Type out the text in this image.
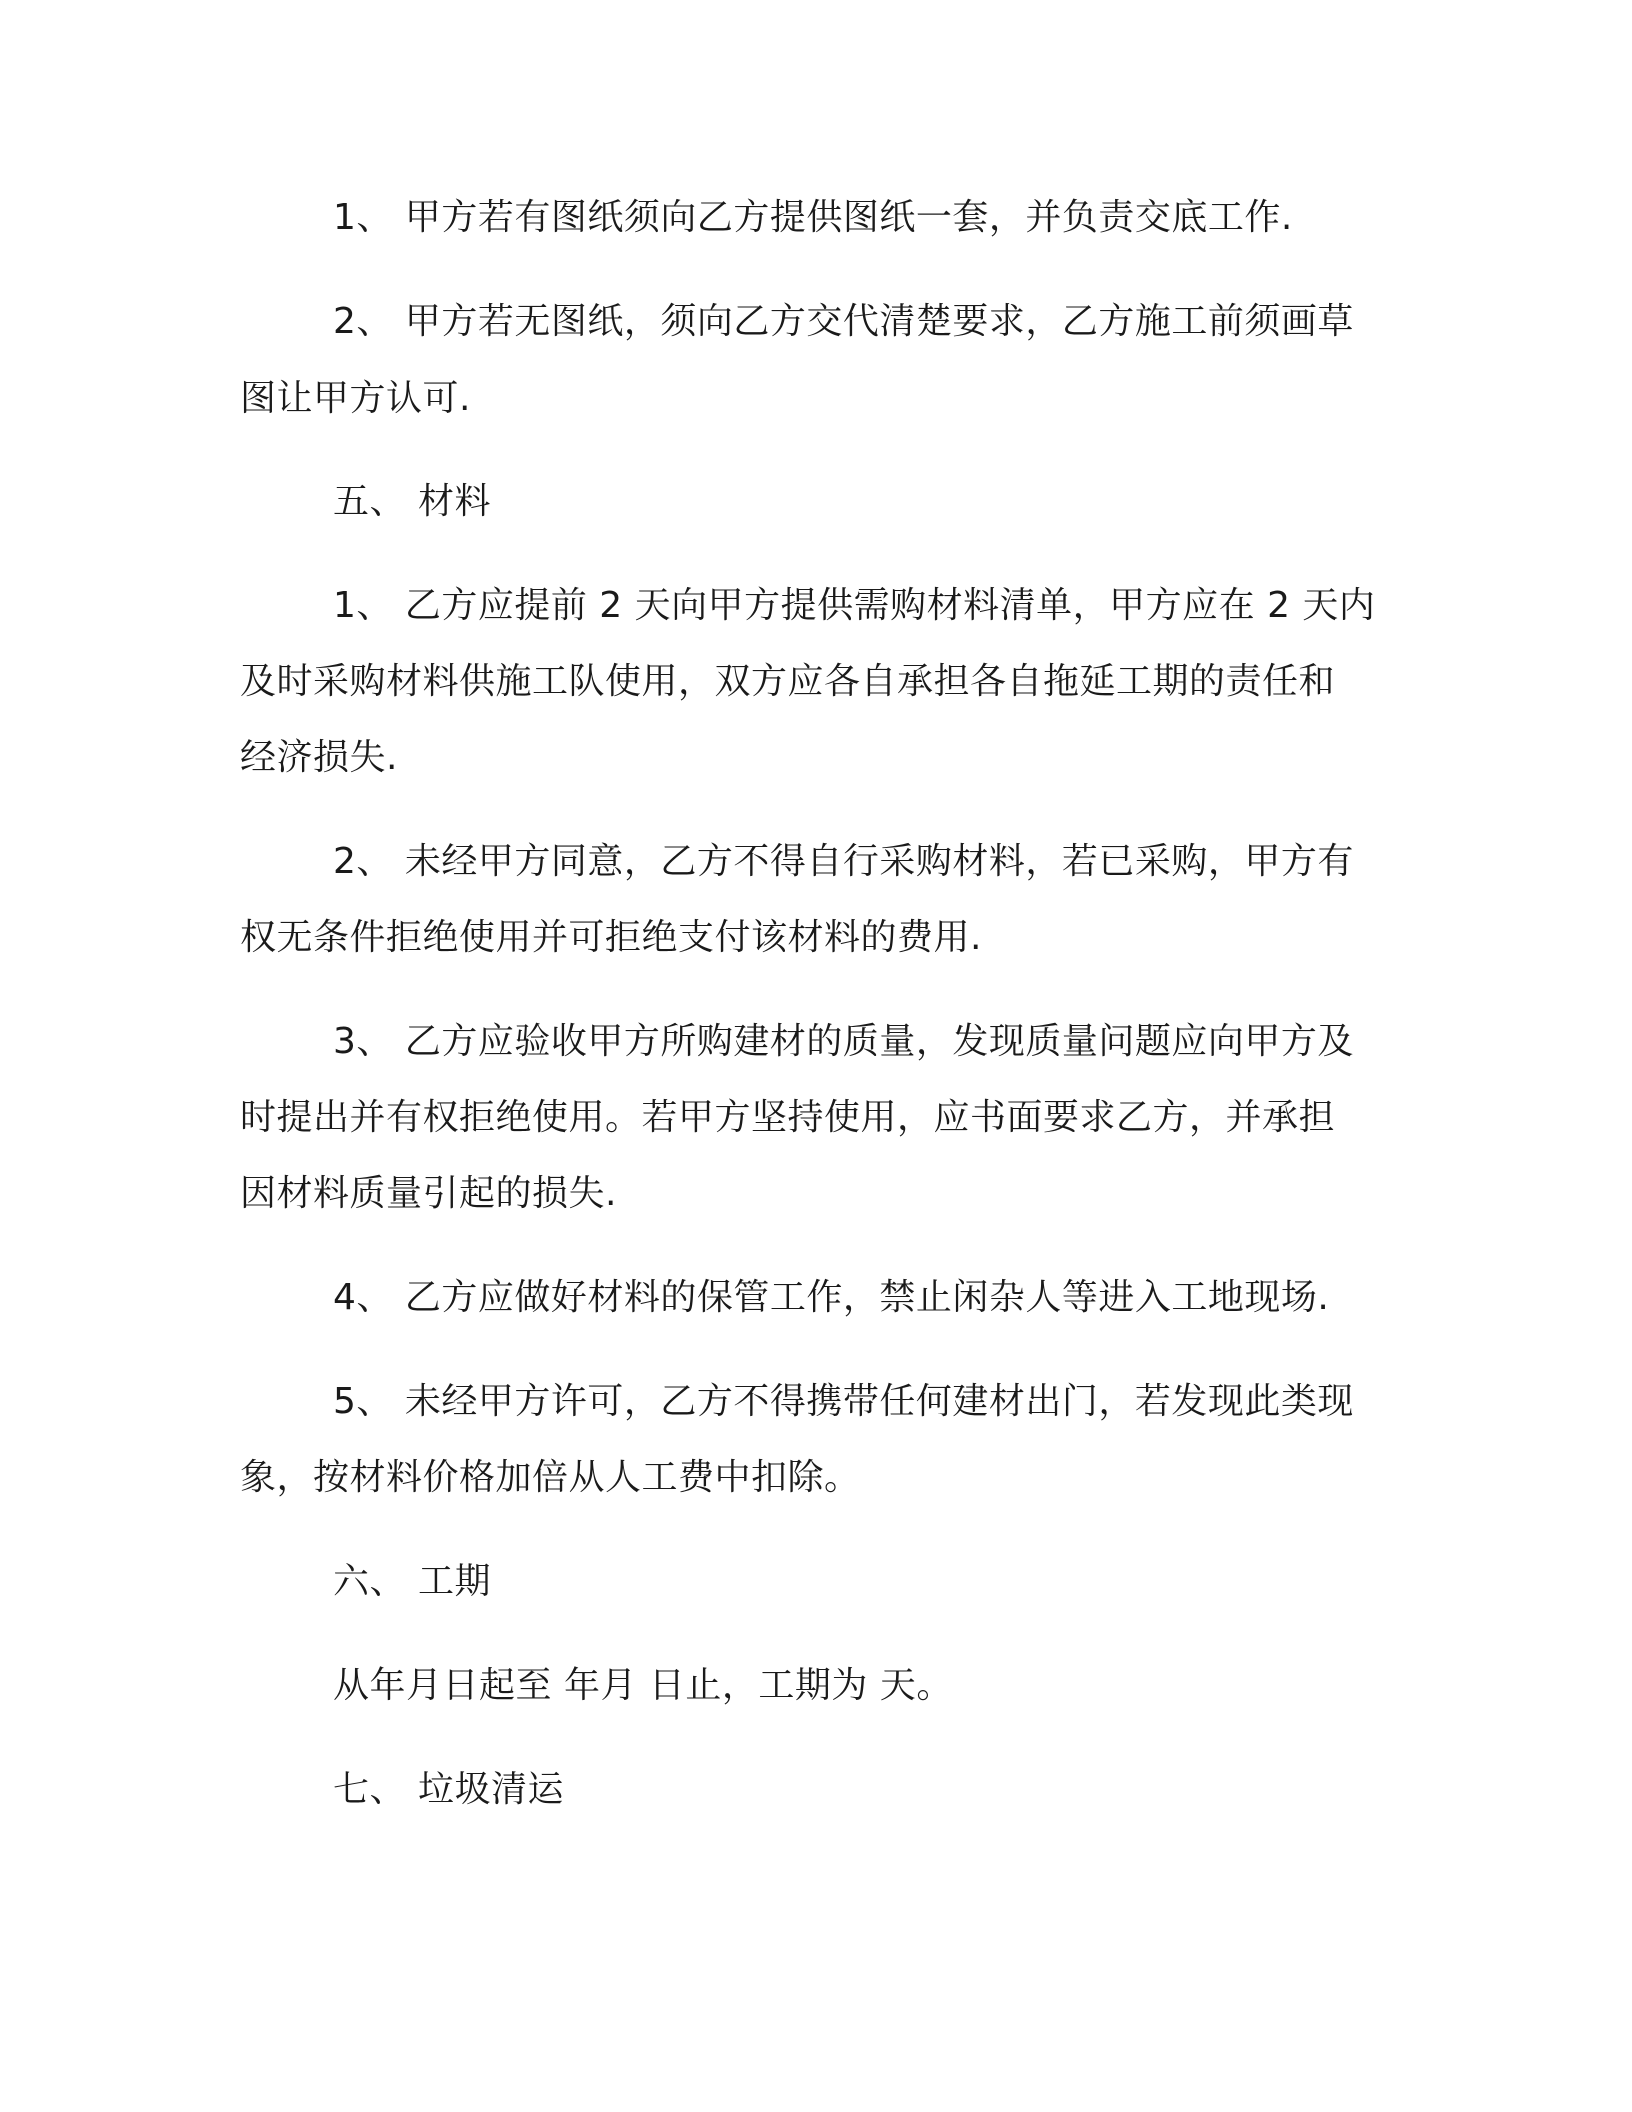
1、 甲方若有图纸须向乙方提供图纸一套，并负责交底工作.
2、 甲方若无图纸，须向乙方交代清楚要求，乙方施工前须画草
图让甲方认可.
五、 材料
1、 乙方应提前 2 天向甲方提供需购材料清单，甲方应在 2 天内
及时采购材料供施工队使用，双方应各自承担各自拖延工期的责任和
经济损失.
2、 未经甲方同意，乙方不得自行采购材料，若已采购，甲方有
权无条件拒绝使用并可拒绝支付该材料的费用.
3、 乙方应验收甲方所购建材的质量，发现质量问题应向甲方及
时提出并有权拒绝使用。若甲方坚持使用，应书面要求乙方，并承担
因材料质量引起的损失.
4、 乙方应做好材料的保管工作，禁止闲杂人等进入工地现场.
5、 未经甲方许可，乙方不得携带任何建材出门，若发现此类现
象，按材料价格加倍从人工费中扣除。
六、 工期
从年月日起至 年月 日止，工期为 天。
七、 垃圾清运
